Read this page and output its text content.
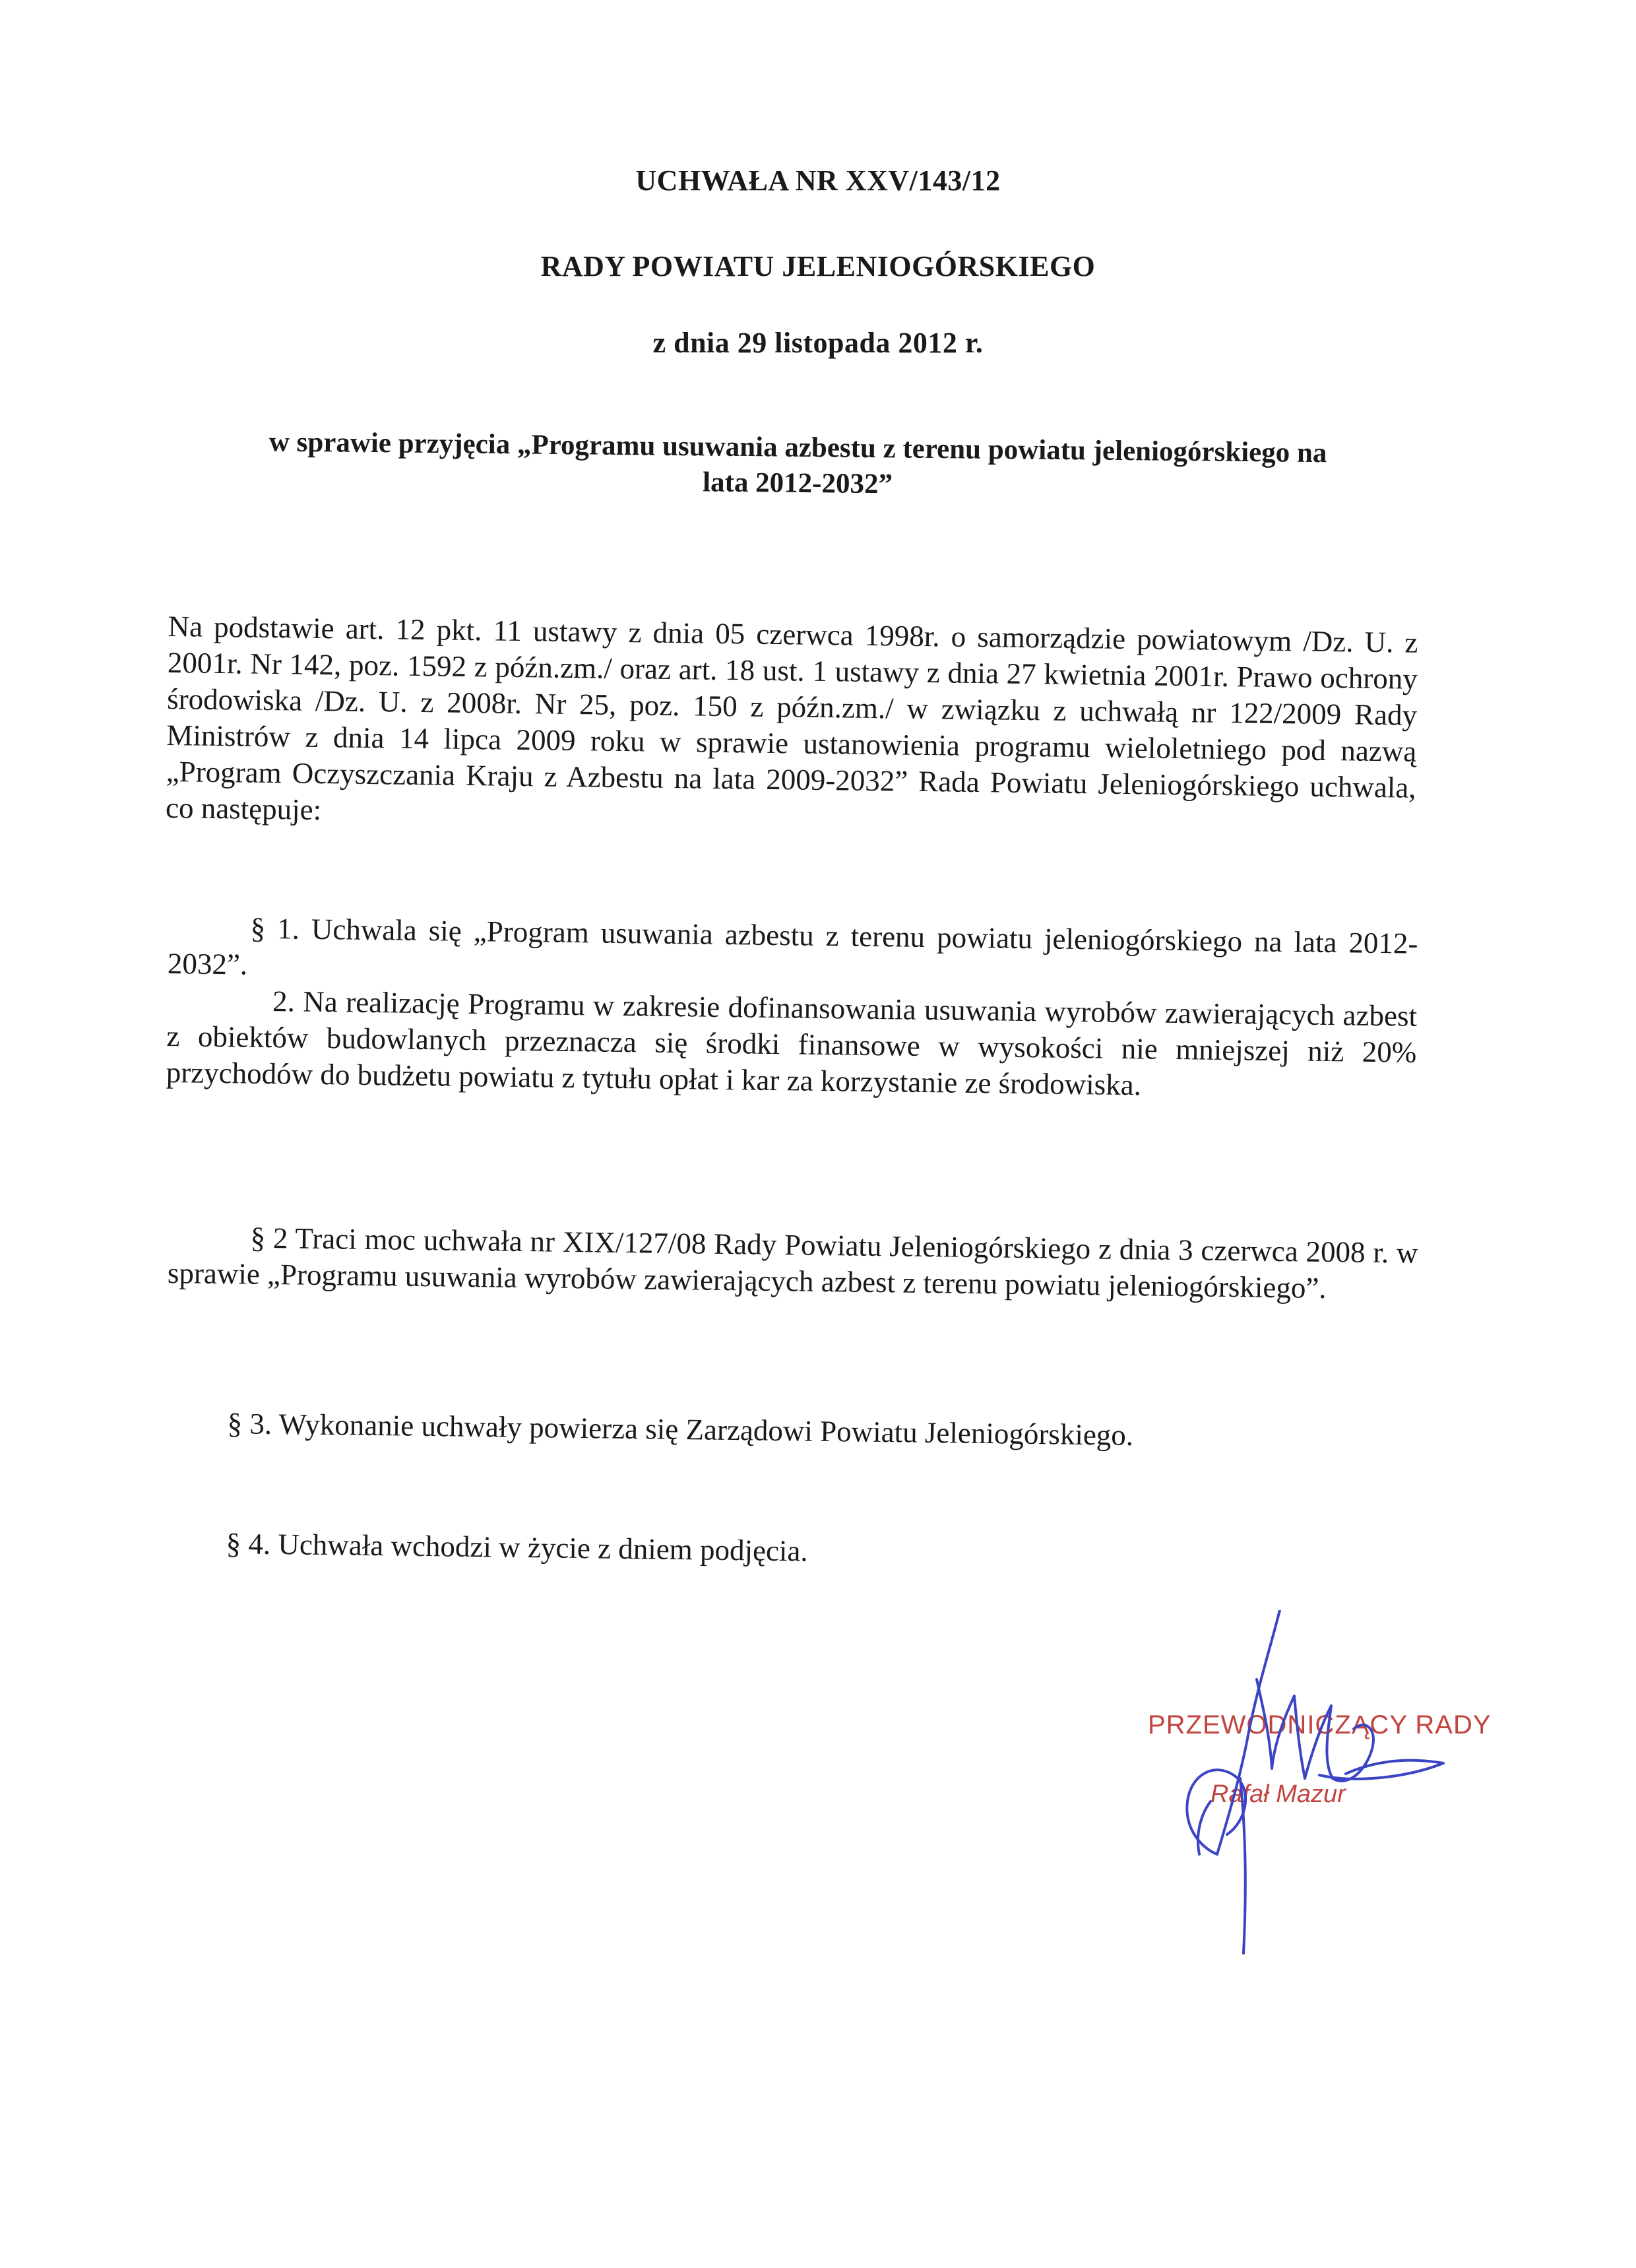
UCHWAŁA NR XXV/143/12
RADY POWIATU JELENIOGÓRSKIEGO
z dnia 29 listopada 2012 r.
w sprawie przyjęcia „Programu usuwania azbestu z terenu powiatu jeleniogórskiego na
lata 2012-2032”

Na podstawie art. 12 pkt. 11 ustawy z dnia 05 czerwca 1998r. o samorządzie powiatowym /Dz. U. z 2001r. Nr 142, poz. 1592 z późn.zm./ oraz art. 18 ust. 1 ustawy z dnia 27 kwietnia 2001r. Prawo ochrony środowiska /Dz. U. z 2008r. Nr 25, poz. 150 z późn.zm./ w związku z uchwałą nr 122/2009 Rady Ministrów z dnia 14 lipca 2009 roku w sprawie ustanowienia programu wieloletniego pod nazwą „Program Oczyszczania Kraju z Azbestu na lata 2009-2032” Rada Powiatu Jeleniogórskiego uchwala, co następuje:

§ 1. Uchwala się „Program usuwania azbestu z terenu powiatu jeleniogórskiego na lata 2012-2032”.

2. Na realizację Programu w zakresie dofinansowania usuwania wyrobów zawierających azbest z obiektów budowlanych przeznacza się środki finansowe w wysokości nie mniejszej niż 20% przychodów do budżetu powiatu z tytułu opłat i kar za korzystanie ze środowiska.

§ 2 Traci moc uchwała nr XIX/127/08 Rady Powiatu Jeleniogórskiego z dnia 3 czerwca 2008 r. w sprawie „Programu usuwania wyrobów zawierających azbest z terenu powiatu jeleniogórskiego”.

§ 3. Wykonanie uchwały powierza się Zarządowi Powiatu Jeleniogórskiego.

§ 4. Uchwała wchodzi w życie z dniem podjęcia.

PRZEWODNICZĄCY RADY
Rafał Mazur
